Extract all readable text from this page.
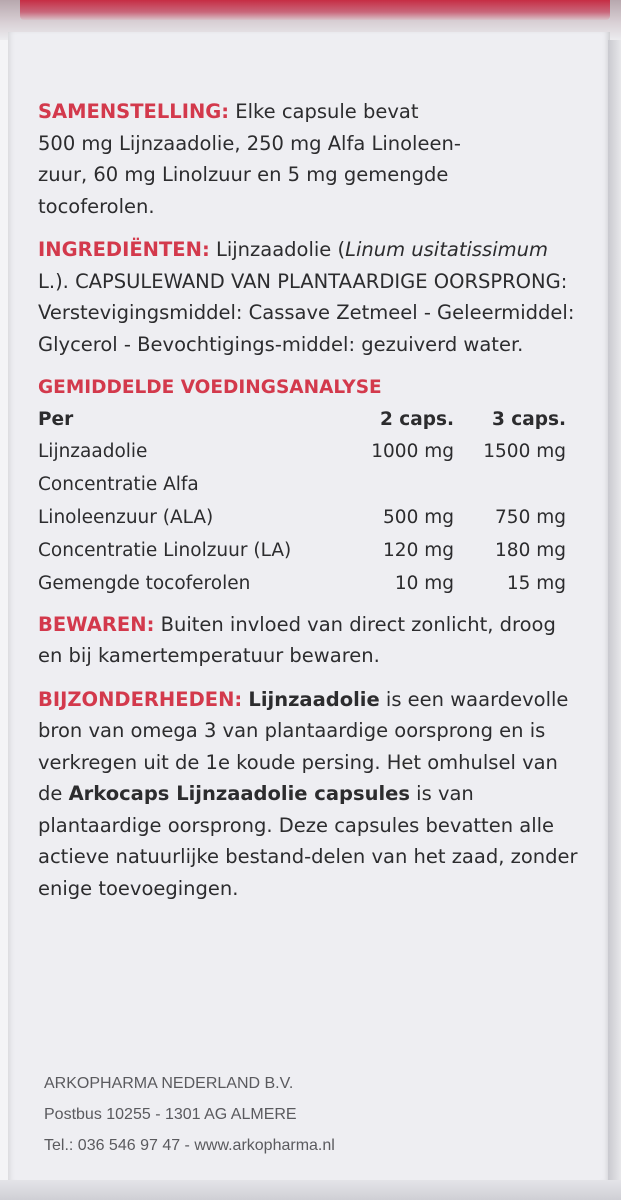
SAMENSTELLING: Elke capsule bevat
500 mg Lijnzaadolie, 250 mg Alfa Linoleen-
zuur, 60 mg Linolzuur en 5 mg gemengde
tocoferolen.

INGREDIËNTEN: Lijnzaadolie (Linum usitatissimum L.). CAPSULEWAND VAN PLANTAARDIGE OORSPRONG: Verstevigingsmiddel: Cassave Zetmeel - Geleermiddel: Glycerol - Bevochtigings-middel: gezuiverd water.

GEMIDDELDE VOEDINGSANALYSE

Per	2 caps.	3 caps.
Lijnzaadolie	1000 mg	1500 mg
Concentratie Alfa		
Linoleenzuur (ALA)	500 mg	750 mg
Concentratie Linolzuur (LA)	120 mg	180 mg
Gemengde tocoferolen	10 mg	15 mg

BEWAREN: Buiten invloed van direct zonlicht, droog en bij kamertemperatuur bewaren.

BIJZONDERHEDEN: Lijnzaadolie is een waardevolle bron van omega 3 van plantaardige oorsprong en is verkregen uit de 1e koude persing. Het omhulsel van de Arkocaps Lijnzaadolie capsules is van plantaardige oorsprong. Deze capsules bevatten alle actieve natuurlijke bestand-delen van het zaad, zonder enige toevoegingen.

ARKOPHARMA NEDERLAND B.V.
Postbus 10255 - 1301 AG ALMERE
Tel.: 036 546 97 47 - www.arkopharma.nl
